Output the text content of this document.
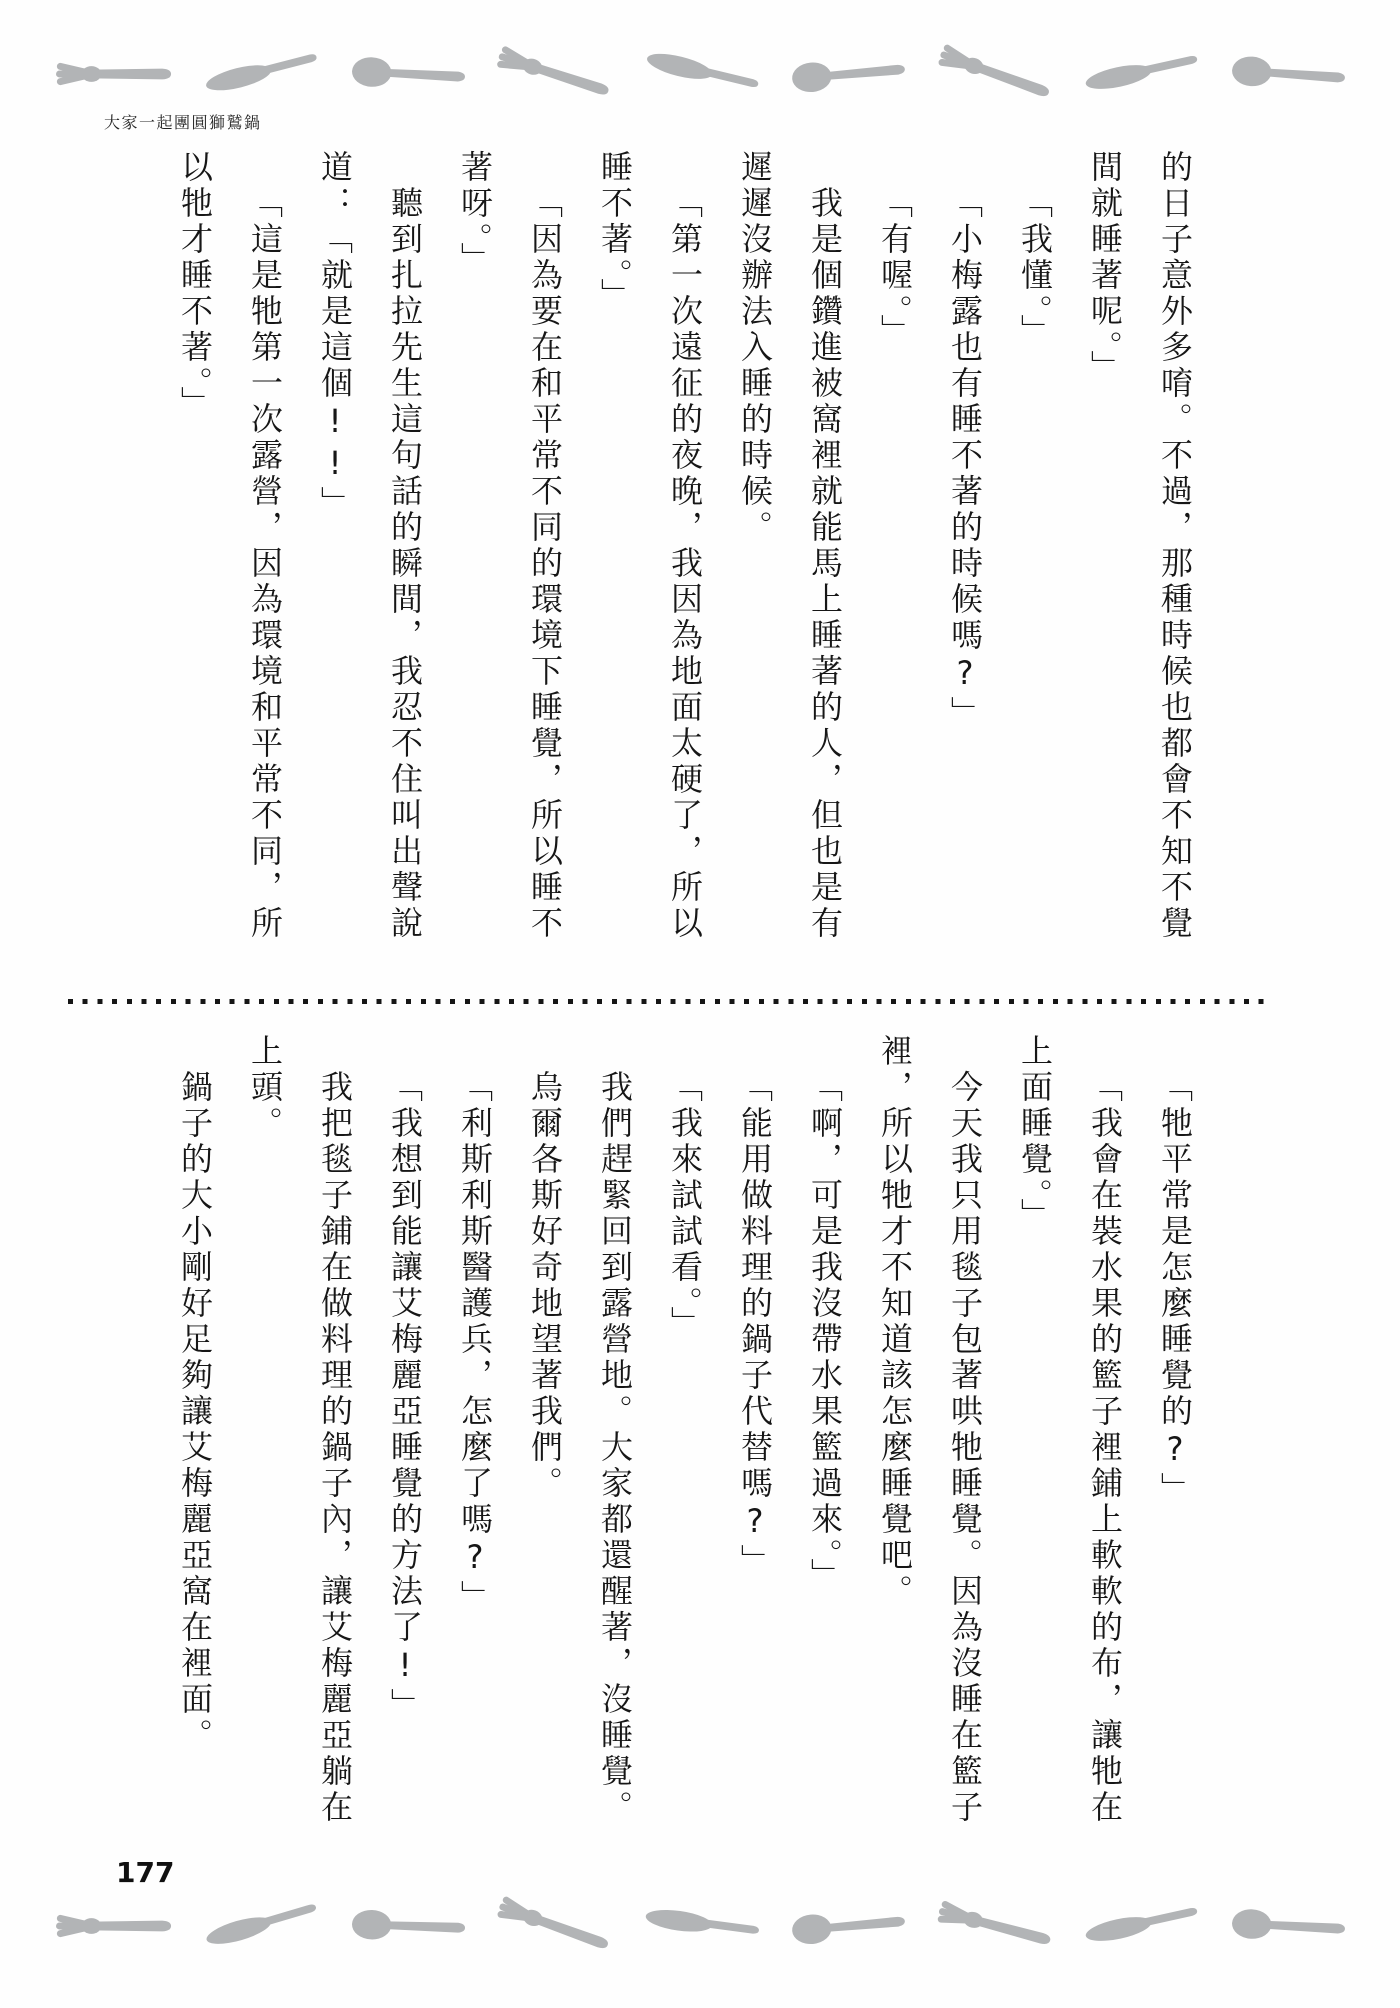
大家一起團圓獅鷲鍋

的日子意外多唷。不過，那種時候也都會不知不覺間就睡著呢。」

「我懂。」

「小梅露也有睡不著的時候嗎?」

「有喔。」

我是個鑽進被窩裡就能馬上睡著的人，但也是有遲遲沒辦法入睡的時候。

「第一次遠征的夜晚，我因為地面太硬了，所以睡不著。」

「因為要在和平常不同的環境下睡覺，所以睡不著呀。」

聽到扎拉先生這句話的瞬間，我忍不住叫出聲說道：「就是這個!!」

「這是牠第一次露營，因為環境和平常不同，所以牠才睡不著。」

「牠平常是怎麼睡覺的?」

「我會在裝水果的籃子裡鋪上軟軟的布，讓牠在上面睡覺。」

今天我只用毯子包著哄牠睡覺。因為沒睡在籃子裡，所以牠才不知道該怎麼睡覺吧。

「啊，可是我沒帶水果籃過來。」

「能用做料理的鍋子代替嗎?」

「我來試試看。」

我們趕緊回到露營地。大家都還醒著，沒睡覺。

烏爾各斯好奇地望著我們。

「利斯利斯醫護兵，怎麼了嗎?」

「我想到能讓艾梅麗亞睡覺的方法了!」

我把毯子鋪在做料理的鍋子內，讓艾梅麗亞躺在上頭。

鍋子的大小剛好足夠讓艾梅麗亞窩在裡面。

177
